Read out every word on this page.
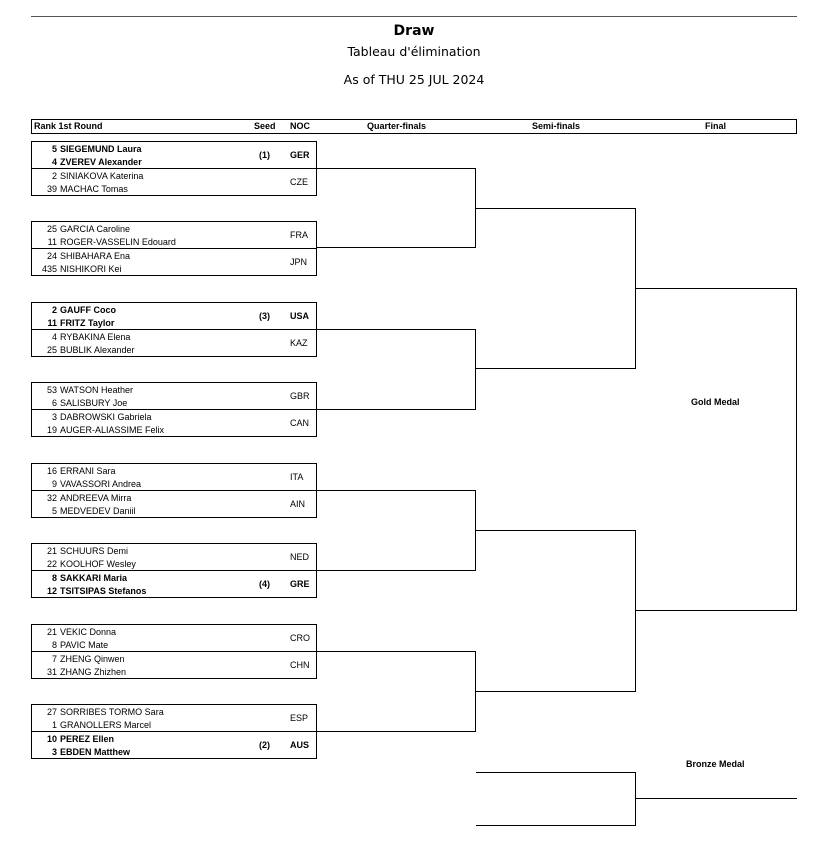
Draw
Tableau d'élimination
As of THU 25 JUL 2024
Rank 1st Round	Seed NOC	Quarter-finals	Semi-finals	Final
5 SIEGEMUND Laura
4 ZVEREV Alexander
(1) GER
2 SINIAKOVA Katerina
39 MACHAC Tomas
CZE
25 GARCIA Caroline
11 ROGER-VASSELIN Edouard
FRA
24 SHIBAHARA Ena
435 NISHIKORI Kei
JPN
2 GAUFF Coco
11 FRITZ Taylor
(3) USA
4 RYBAKINA Elena
25 BUBLIK Alexander
KAZ
53 WATSON Heather
6 SALISBURY Joe
GBR
3 DABROWSKI Gabriela
19 AUGER-ALIASSIME Felix
CAN
16 ERRANI Sara
9 VAVASSORI Andrea
ITA
32 ANDREEVA Mirra
5 MEDVEDEV Daniil
AIN
21 SCHUURS Demi
22 KOOLHOF Wesley
NED
8 SAKKARI Maria
12 TSITSIPAS Stefanos
(4) GRE
21 VEKIC Donna
8 PAVIC Mate
CRO
7 ZHENG Qinwen
31 ZHANG Zhizhen
CHN
27 SORRIBES TORMO Sara
1 GRANOLLERS Marcel
ESP
10 PEREZ Ellen
3 EBDEN Matthew
(2) AUS
Gold Medal
Bronze Medal
